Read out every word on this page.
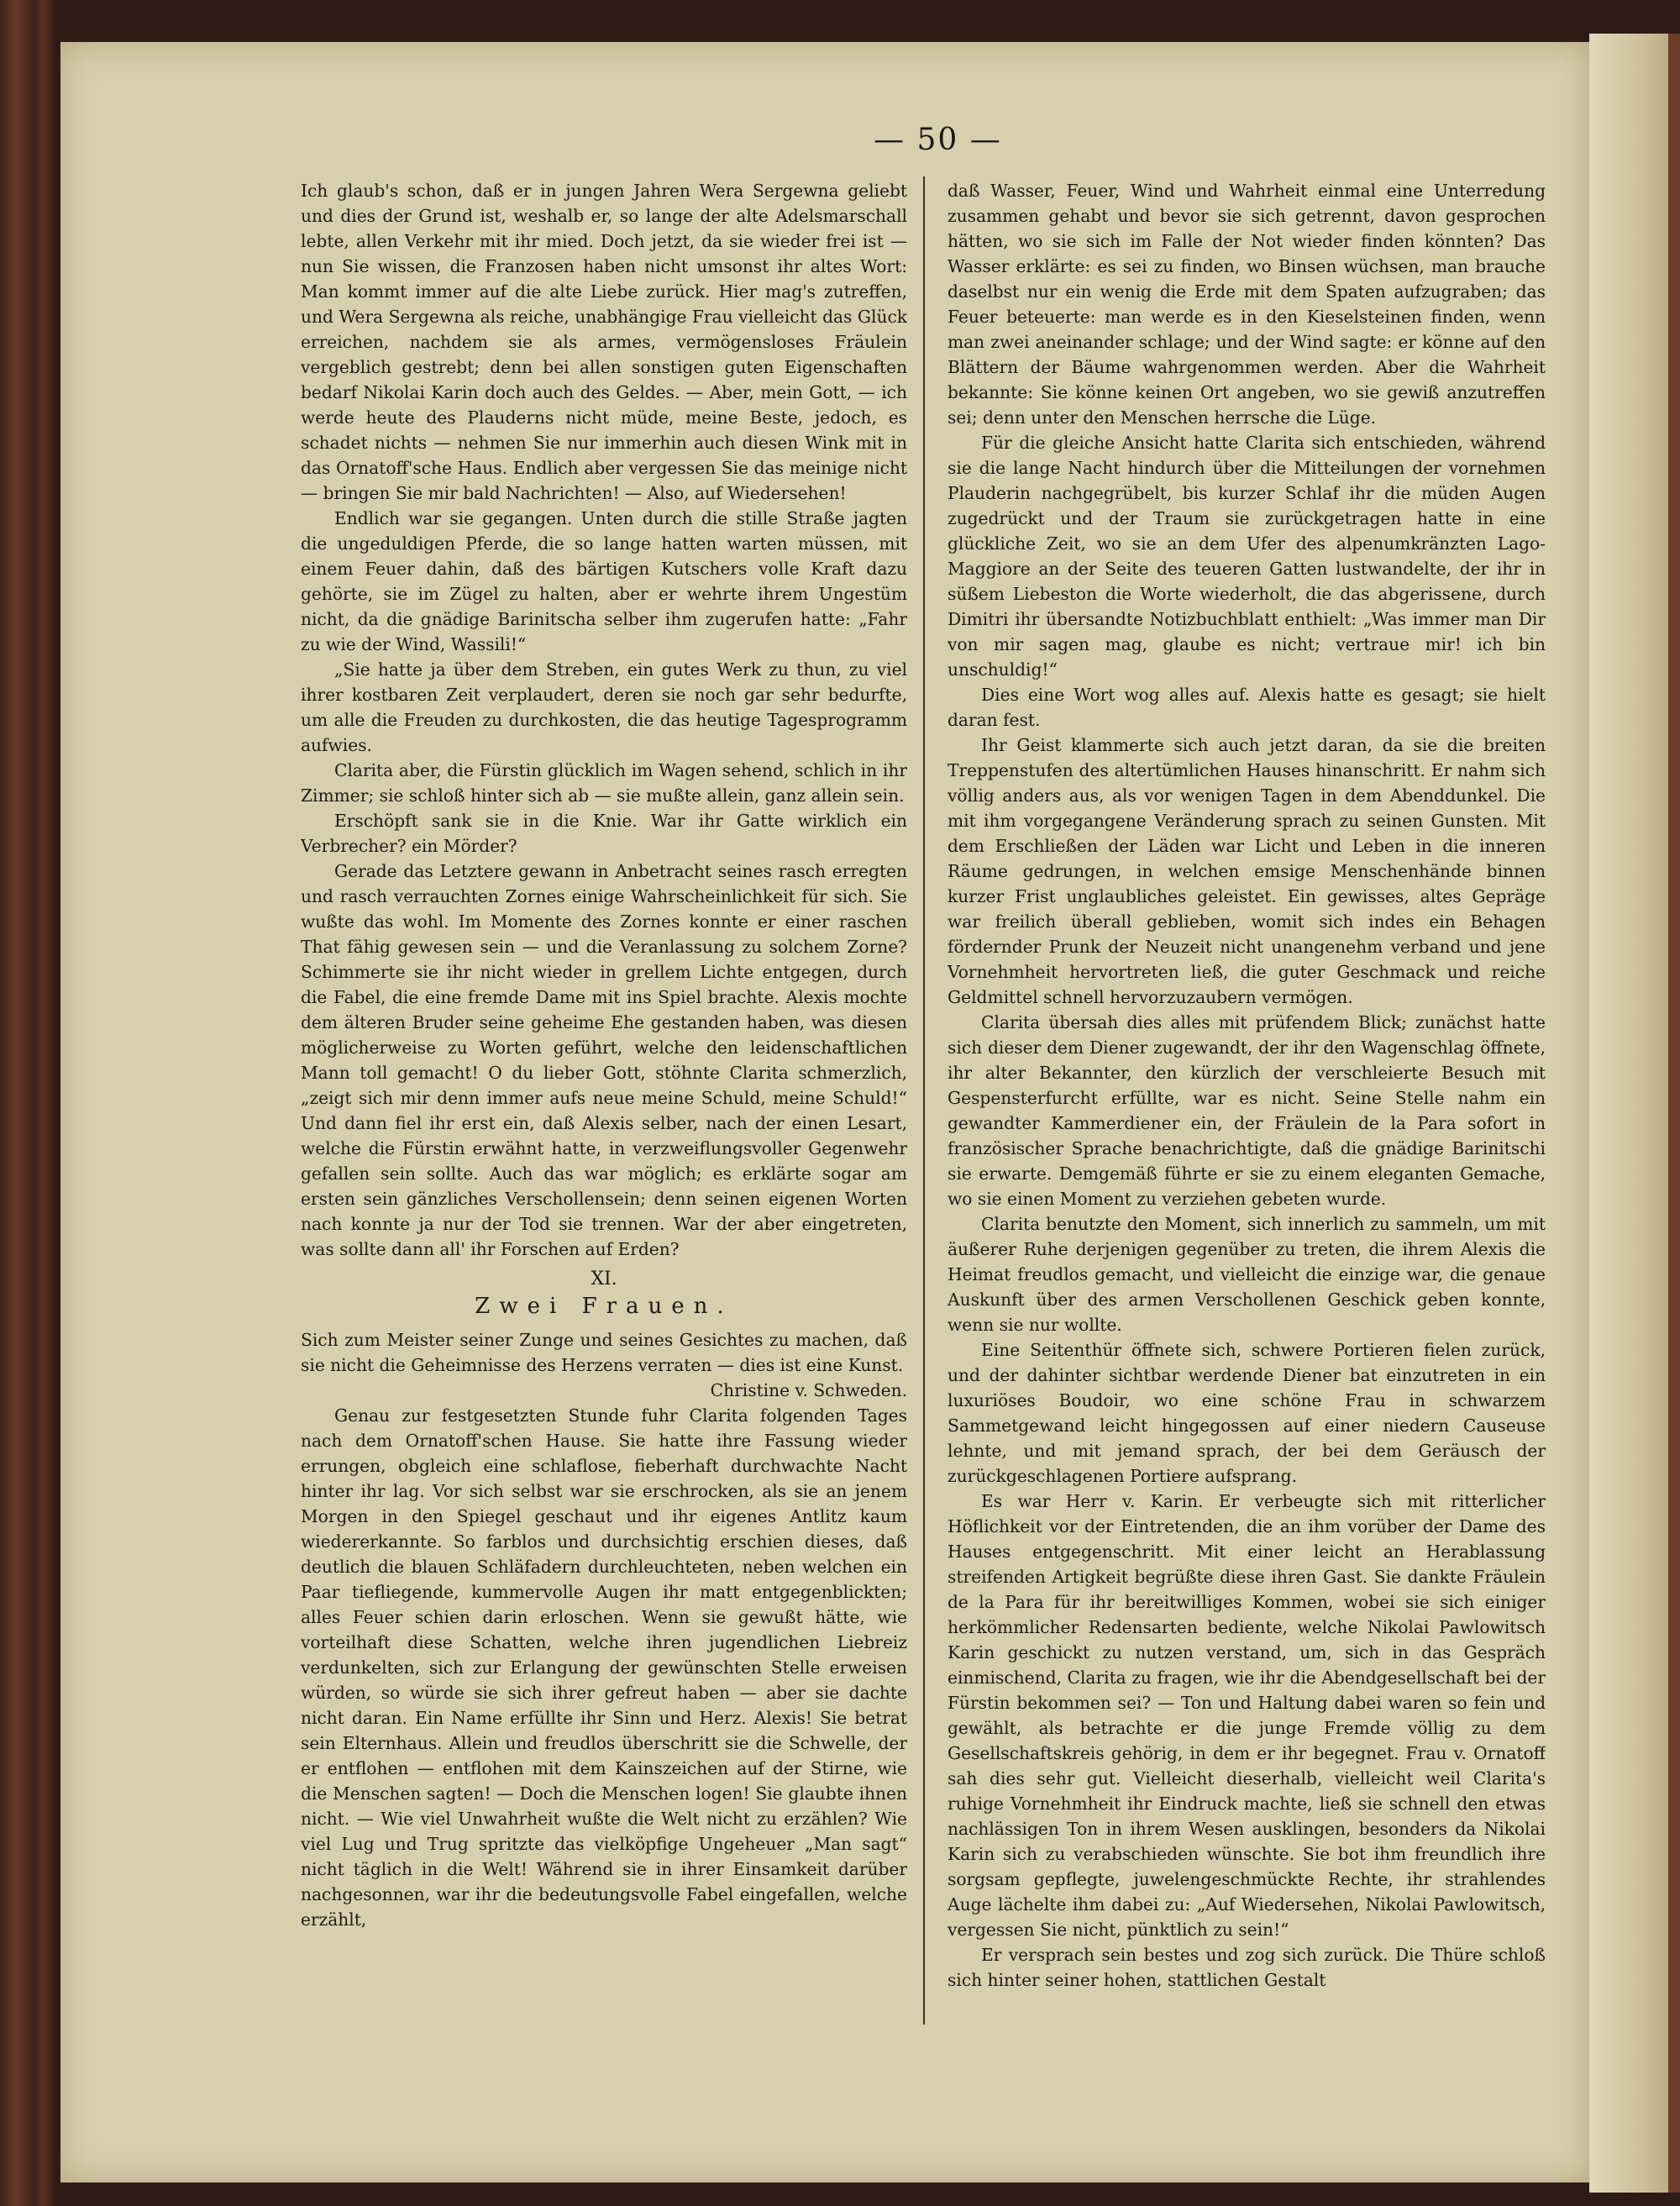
— 50 —

Ich glaub's schon, daß er in jungen Jahren Wera Sergewna geliebt und dies der Grund ist, weshalb er, so lange der alte Adelsmarschall lebte, allen Verkehr mit ihr mied. Doch jetzt, da sie wieder frei ist — nun Sie wissen, die Franzosen haben nicht umsonst ihr altes Wort: Man kommt immer auf die alte Liebe zurück. Hier mag's zutreffen, und Wera Sergewna als reiche, unabhängige Frau vielleicht das Glück erreichen, nachdem sie als armes, vermögensloses Fräulein vergeblich gestrebt; denn bei allen sonstigen guten Eigenschaften bedarf Nikolai Karin doch auch des Geldes. — Aber, mein Gott, — ich werde heute des Plauderns nicht müde, meine Beste, jedoch, es schadet nichts — nehmen Sie nur immerhin auch diesen Wink mit in das Ornatoff'sche Haus. Endlich aber vergessen Sie das meinige nicht — bringen Sie mir bald Nachrichten! — Also, auf Wiedersehen!

Endlich war sie gegangen. Unten durch die stille Straße jagten die ungeduldigen Pferde, die so lange hatten warten müssen, mit einem Feuer dahin, daß des bärtigen Kutschers volle Kraft dazu gehörte, sie im Zügel zu halten, aber er wehrte ihrem Ungestüm nicht, da die gnädige Barinitscha selber ihm zugerufen hatte: „Fahr zu wie der Wind, Wassili!“

„Sie hatte ja über dem Streben, ein gutes Werk zu thun, zu viel ihrer kostbaren Zeit verplaudert, deren sie noch gar sehr bedurfte, um alle die Freuden zu durchkosten, die das heutige Tagesprogramm aufwies.

Clarita aber, die Fürstin glücklich im Wagen sehend, schlich in ihr Zimmer; sie schloß hinter sich ab — sie mußte allein, ganz allein sein.

Erschöpft sank sie in die Knie. War ihr Gatte wirklich ein Verbrecher? ein Mörder?

Gerade das Letztere gewann in Anbetracht seines rasch erregten und rasch verrauchten Zornes einige Wahrscheinlichkeit für sich. Sie wußte das wohl. Im Momente des Zornes konnte er einer raschen That fähig gewesen sein — und die Veranlassung zu solchem Zorne? Schimmerte sie ihr nicht wieder in grellem Lichte entgegen, durch die Fabel, die eine fremde Dame mit ins Spiel brachte. Alexis mochte dem älteren Bruder seine geheime Ehe gestanden haben, was diesen möglicherweise zu Worten geführt, welche den leidenschaftlichen Mann toll gemacht! O du lieber Gott, stöhnte Clarita schmerzlich, „zeigt sich mir denn immer aufs neue meine Schuld, meine Schuld!“ Und dann fiel ihr erst ein, daß Alexis selber, nach der einen Lesart, welche die Fürstin erwähnt hatte, in verzweiflungsvoller Gegenwehr gefallen sein sollte. Auch das war möglich; es erklärte sogar am ersten sein gänzliches Verschollensein; denn seinen eigenen Worten nach konnte ja nur der Tod sie trennen. War der aber eingetreten, was sollte dann all' ihr Forschen auf Erden?

XI.
Zwei Frauen.

Sich zum Meister seiner Zunge und seines Gesichtes zu machen, daß sie nicht die Geheimnisse des Herzens verraten — dies ist eine Kunst.

Christine v. Schweden.

Genau zur festgesetzten Stunde fuhr Clarita folgenden Tages nach dem Ornatoff'schen Hause. Sie hatte ihre Fassung wieder errungen, obgleich eine schlaflose, fieberhaft durchwachte Nacht hinter ihr lag. Vor sich selbst war sie erschrocken, als sie an jenem Morgen in den Spiegel geschaut und ihr eigenes Antlitz kaum wiedererkannte. So farblos und durchsichtig erschien dieses, daß deutlich die blauen Schläfadern durchleuchteten, neben welchen ein Paar tiefliegende, kummervolle Augen ihr matt entgegenblickten; alles Feuer schien darin erloschen. Wenn sie gewußt hätte, wie vorteilhaft diese Schatten, welche ihren jugendlichen Liebreiz verdunkelten, sich zur Erlangung der gewünschten Stelle erweisen würden, so würde sie sich ihrer gefreut haben — aber sie dachte nicht daran. Ein Name erfüllte ihr Sinn und Herz. Alexis! Sie betrat sein Elternhaus. Allein und freudlos überschritt sie die Schwelle, der er entflohen — entflohen mit dem Kainszeichen auf der Stirne, wie die Menschen sagten! — Doch die Menschen logen! Sie glaubte ihnen nicht. — Wie viel Unwahrheit wußte die Welt nicht zu erzählen? Wie viel Lug und Trug spritzte das vielköpfige Ungeheuer „Man sagt“ nicht täglich in die Welt! Während sie in ihrer Einsamkeit darüber nachgesonnen, war ihr die bedeutungsvolle Fabel eingefallen, welche erzählt,

daß Wasser, Feuer, Wind und Wahrheit einmal eine Unterredung zusammen gehabt und bevor sie sich getrennt, davon gesprochen hätten, wo sie sich im Falle der Not wieder finden könnten? Das Wasser erklärte: es sei zu finden, wo Binsen wüchsen, man brauche daselbst nur ein wenig die Erde mit dem Spaten aufzugraben; das Feuer beteuerte: man werde es in den Kieselsteinen finden, wenn man zwei aneinander schlage; und der Wind sagte: er könne auf den Blättern der Bäume wahrgenommen werden. Aber die Wahrheit bekannte: Sie könne keinen Ort angeben, wo sie gewiß anzutreffen sei; denn unter den Menschen herrsche die Lüge.

Für die gleiche Ansicht hatte Clarita sich entschieden, während sie die lange Nacht hindurch über die Mitteilungen der vornehmen Plauderin nachgegrübelt, bis kurzer Schlaf ihr die müden Augen zugedrückt und der Traum sie zurückgetragen hatte in eine glückliche Zeit, wo sie an dem Ufer des alpenumkränzten Lago-Maggiore an der Seite des teueren Gatten lustwandelte, der ihr in süßem Liebeston die Worte wiederholt, die das abgerissene, durch Dimitri ihr übersandte Notizbuchblatt enthielt: „Was immer man Dir von mir sagen mag, glaube es nicht; vertraue mir! ich bin unschuldig!“

Dies eine Wort wog alles auf. Alexis hatte es gesagt; sie hielt daran fest.

Ihr Geist klammerte sich auch jetzt daran, da sie die breiten Treppenstufen des altertümlichen Hauses hinanschritt. Er nahm sich völlig anders aus, als vor wenigen Tagen in dem Abenddunkel. Die mit ihm vorgegangene Veränderung sprach zu seinen Gunsten. Mit dem Erschließen der Läden war Licht und Leben in die inneren Räume gedrungen, in welchen emsige Menschenhände binnen kurzer Frist unglaubliches geleistet. Ein gewisses, altes Gepräge war freilich überall geblieben, womit sich indes ein Behagen fördernder Prunk der Neuzeit nicht unangenehm verband und jene Vornehmheit hervortreten ließ, die guter Geschmack und reiche Geldmittel schnell hervorzuzaubern vermögen.

Clarita übersah dies alles mit prüfendem Blick; zunächst hatte sich dieser dem Diener zugewandt, der ihr den Wagenschlag öffnete, ihr alter Bekannter, den kürzlich der verschleierte Besuch mit Gespensterfurcht erfüllte, war es nicht. Seine Stelle nahm ein gewandter Kammerdiener ein, der Fräulein de la Para sofort in französischer Sprache benachrichtigte, daß die gnädige Barinitschi sie erwarte. Demgemäß führte er sie zu einem eleganten Gemache, wo sie einen Moment zu verziehen gebeten wurde.

Clarita benutzte den Moment, sich innerlich zu sammeln, um mit äußerer Ruhe derjenigen gegenüber zu treten, die ihrem Alexis die Heimat freudlos gemacht, und vielleicht die einzige war, die genaue Auskunft über des armen Verschollenen Geschick geben konnte, wenn sie nur wollte.

Eine Seitenthür öffnete sich, schwere Portieren fielen zurück, und der dahinter sichtbar werdende Diener bat einzutreten in ein luxuriöses Boudoir, wo eine schöne Frau in schwarzem Sammetgewand leicht hingegossen auf einer niedern Causeuse lehnte, und mit jemand sprach, der bei dem Geräusch der zurückgeschlagenen Portiere aufsprang.

Es war Herr v. Karin. Er verbeugte sich mit ritterlicher Höflichkeit vor der Eintretenden, die an ihm vorüber der Dame des Hauses entgegenschritt. Mit einer leicht an Herablassung streifenden Artigkeit begrüßte diese ihren Gast. Sie dankte Fräulein de la Para für ihr bereitwilliges Kommen, wobei sie sich einiger herkömmlicher Redensarten bediente, welche Nikolai Pawlowitsch Karin geschickt zu nutzen verstand, um, sich in das Gespräch einmischend, Clarita zu fragen, wie ihr die Abendgesellschaft bei der Fürstin bekommen sei? — Ton und Haltung dabei waren so fein und gewählt, als betrachte er die junge Fremde völlig zu dem Gesellschaftskreis gehörig, in dem er ihr begegnet. Frau v. Ornatoff sah dies sehr gut. Vielleicht dieserhalb, vielleicht weil Clarita's ruhige Vornehmheit ihr Eindruck machte, ließ sie schnell den etwas nachlässigen Ton in ihrem Wesen ausklingen, besonders da Nikolai Karin sich zu verabschieden wünschte. Sie bot ihm freundlich ihre sorgsam gepflegte, juwelengeschmückte Rechte, ihr strahlendes Auge lächelte ihm dabei zu: „Auf Wiedersehen, Nikolai Pawlowitsch, vergessen Sie nicht, pünktlich zu sein!“

Er versprach sein bestes und zog sich zurück. Die Thüre schloß sich hinter seiner hohen, stattlichen Gestalt
